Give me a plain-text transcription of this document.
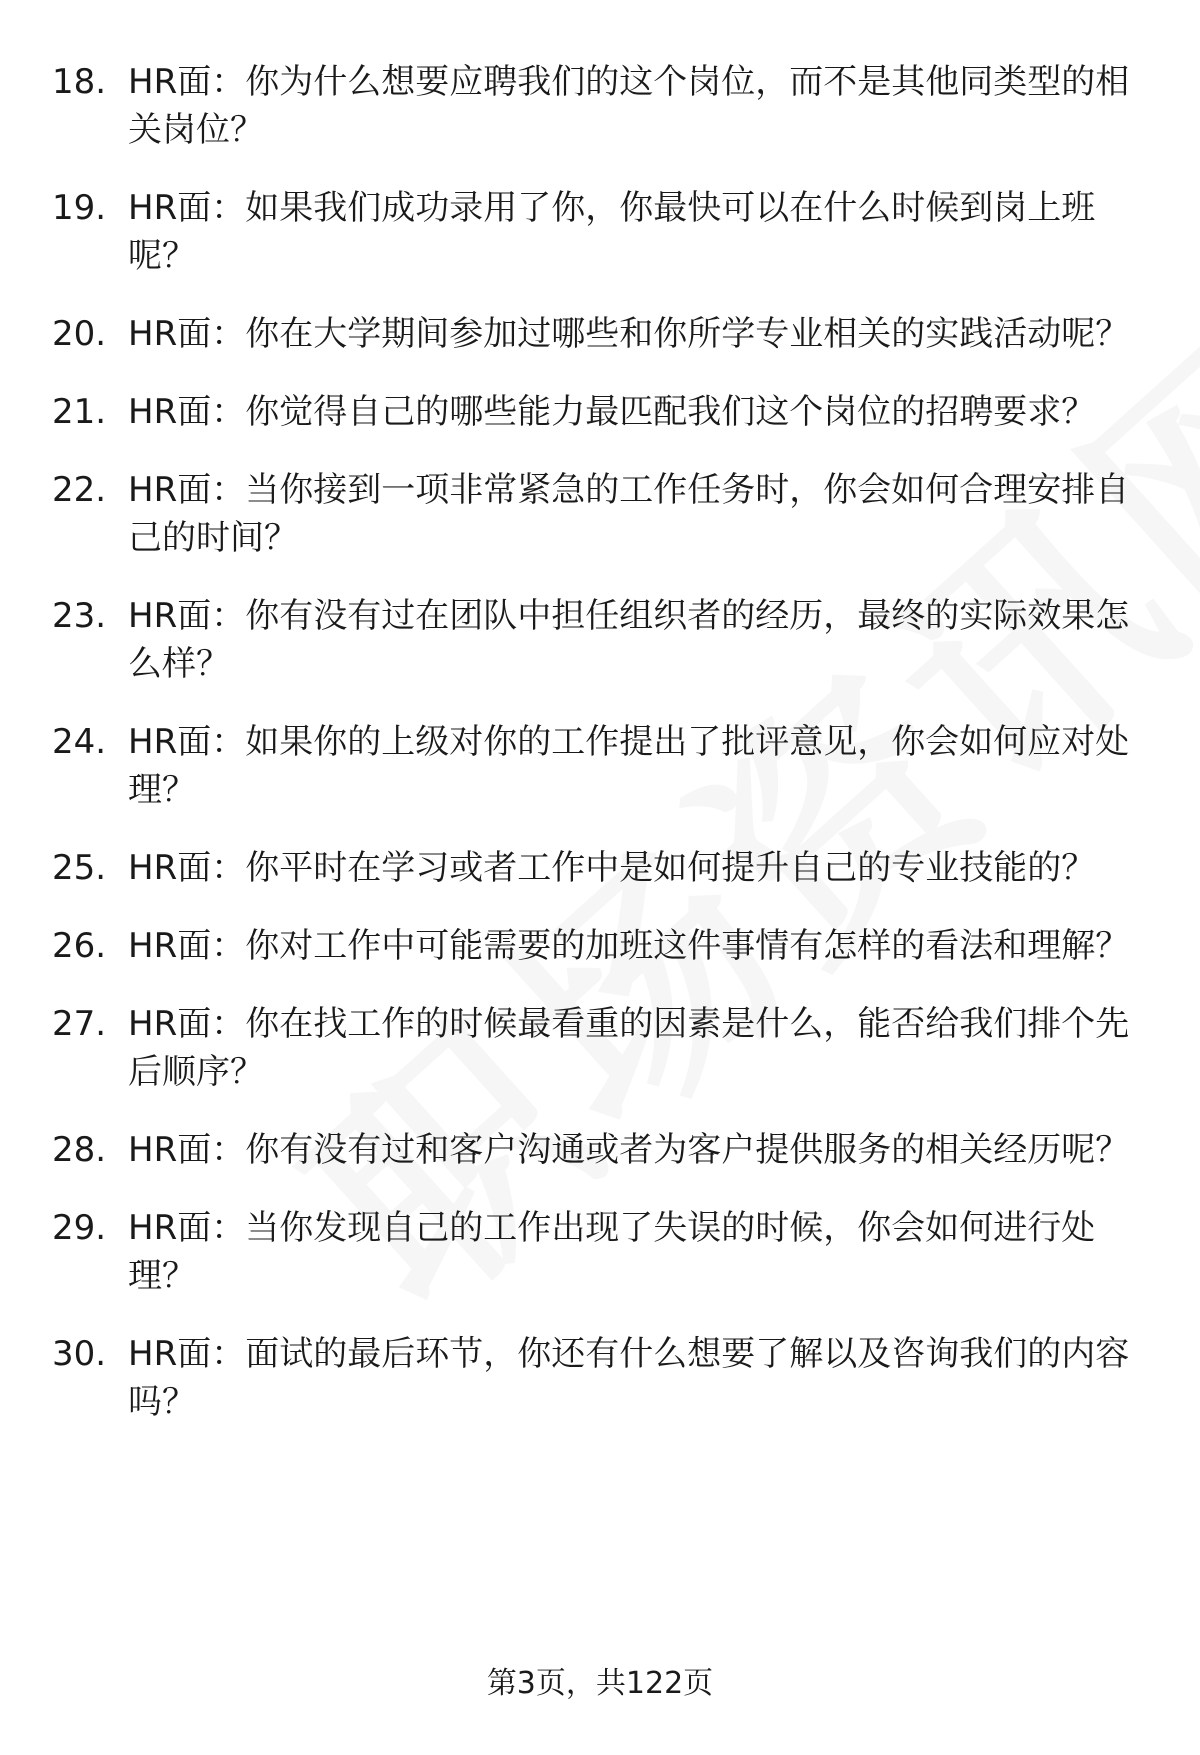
18. HR面：你为什么想要应聘我们的这个岗位，而不是其他同类型的相关岗位？
19. HR面：如果我们成功录用了你，你最快可以在什么时候到岗上班呢？
20. HR面：你在大学期间参加过哪些和你所学专业相关的实践活动呢？
21. HR面：你觉得自己的哪些能力最匹配我们这个岗位的招聘要求？
22. HR面：当你接到一项非常紧急的工作任务时，你会如何合理安排自己的时间？
23. HR面：你有没有过在团队中担任组织者的经历，最终的实际效果怎么样？
24. HR面：如果你的上级对你的工作提出了批评意见，你会如何应对处理？
25. HR面：你平时在学习或者工作中是如何提升自己的专业技能的？
26. HR面：你对工作中可能需要的加班这件事情有怎样的看法和理解？
27. HR面：你在找工作的时候最看重的因素是什么，能否给我们排个先后顺序？
28. HR面：你有没有过和客户沟通或者为客户提供服务的相关经历呢？
29. HR面：当你发现自己的工作出现了失误的时候，你会如何进行处理？
30. HR面：面试的最后环节，你还有什么想要了解以及咨询我们的内容吗？
第3页，共122页
